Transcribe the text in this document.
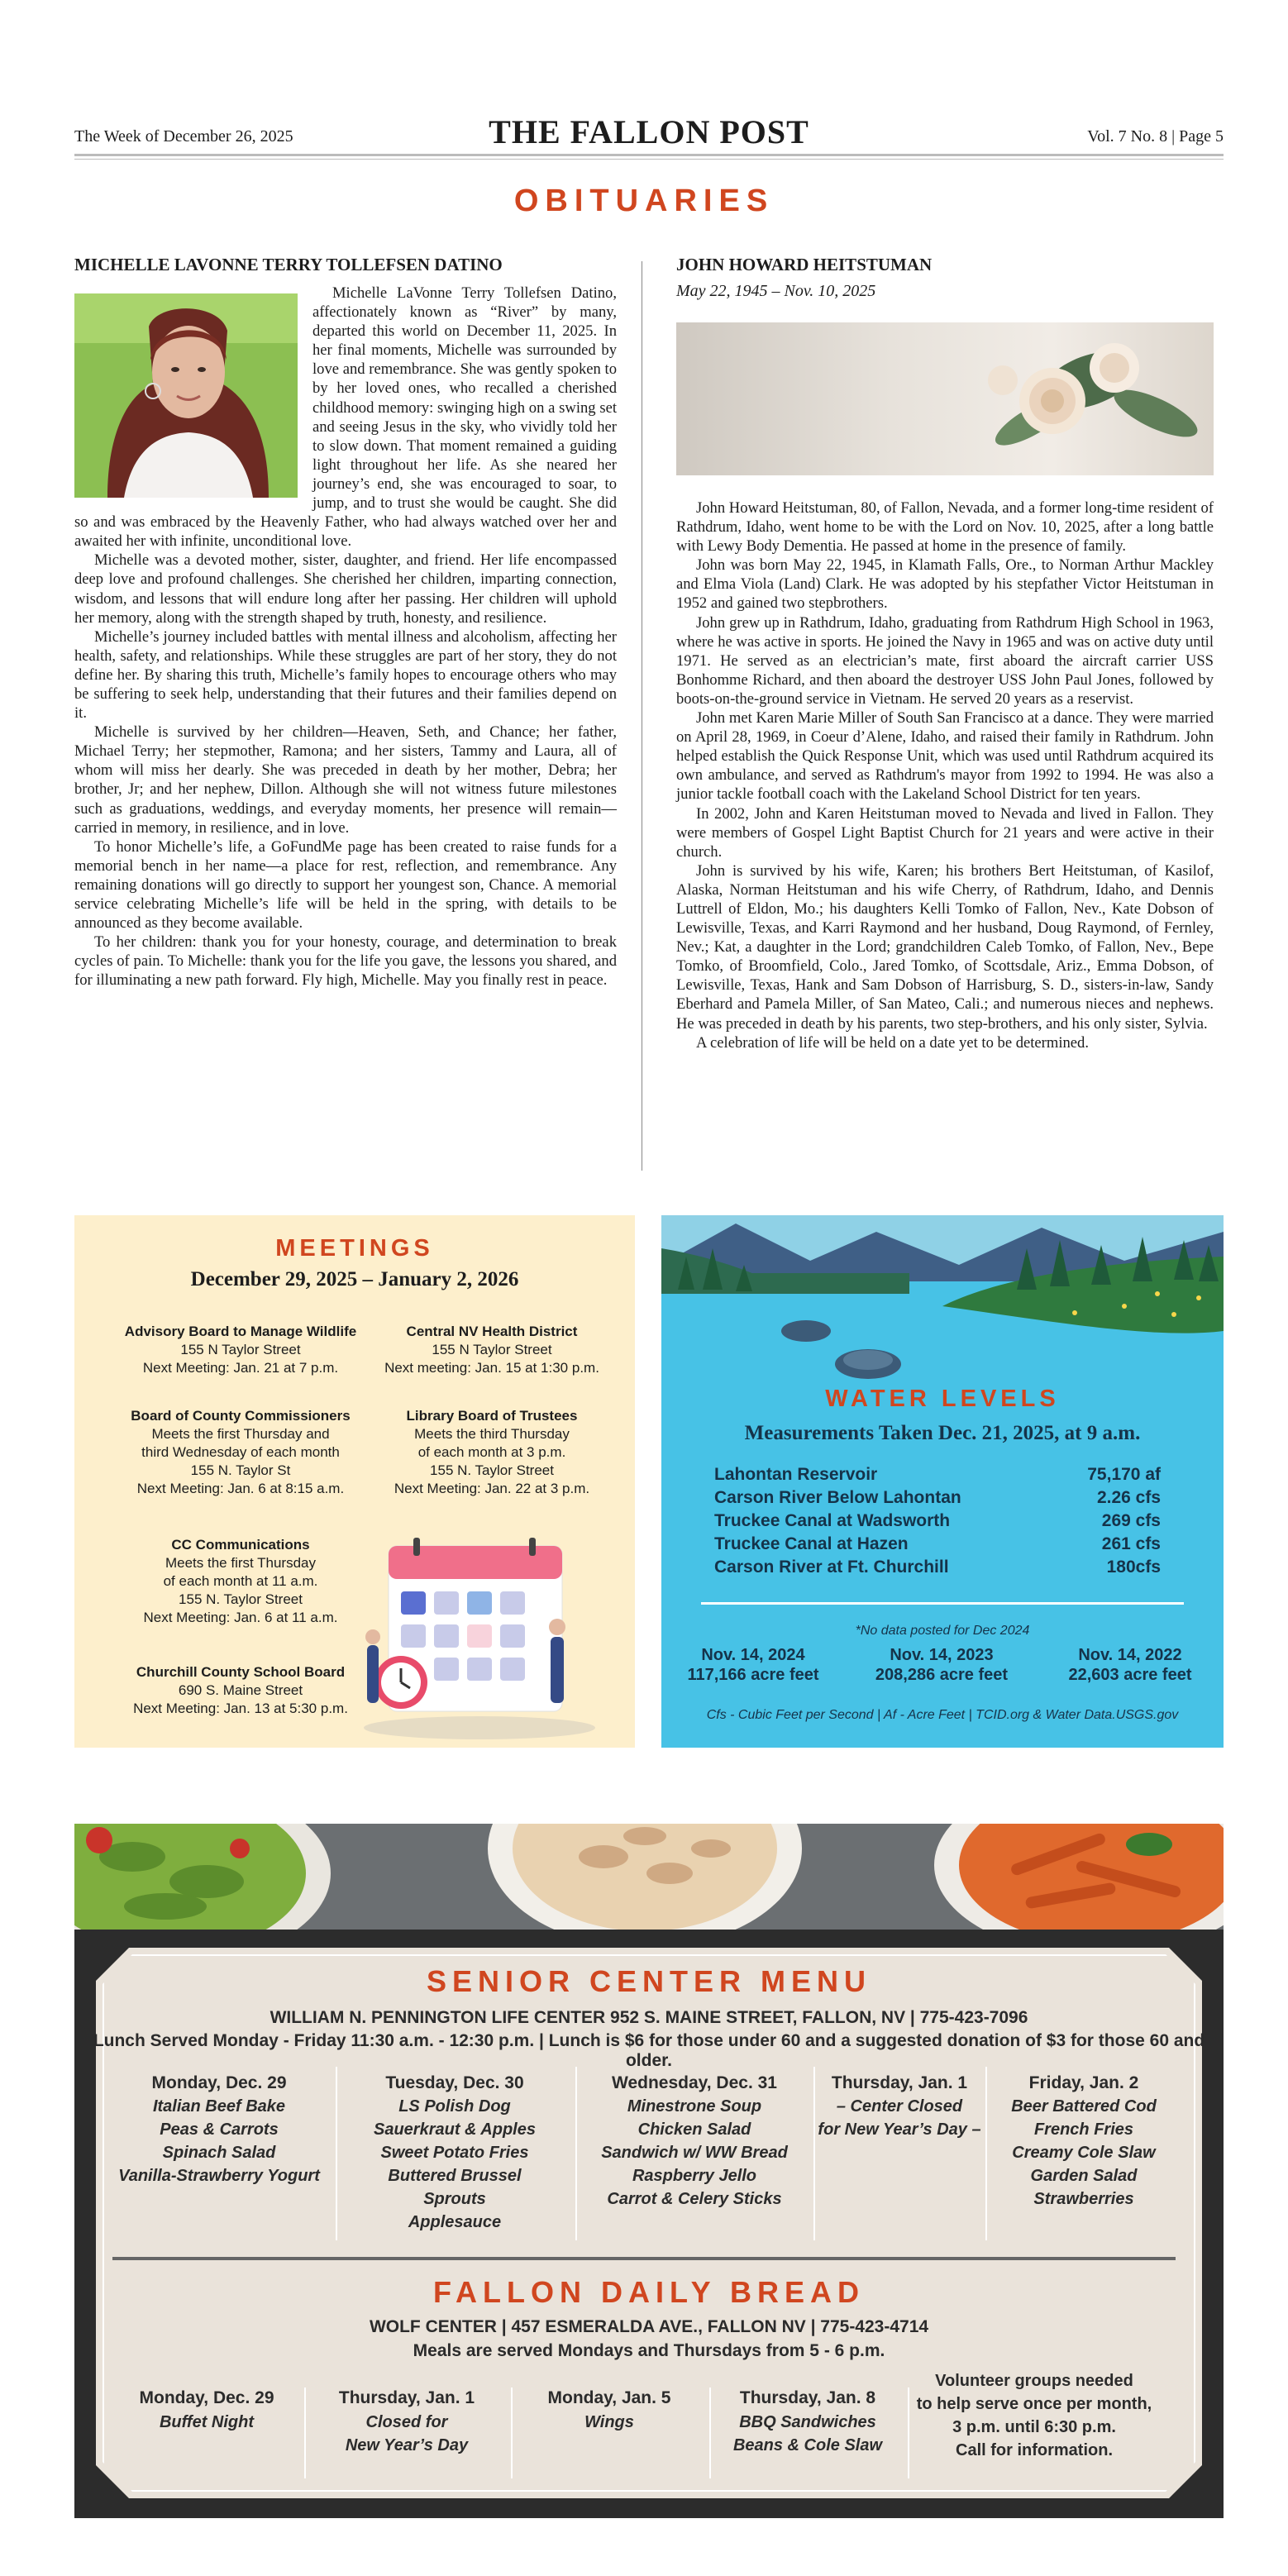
The Week of December 26, 2025	THE FALLON POST	Vol. 7 No. 8 | Page 5
OBITUARIES
MICHELLE LAVONNE TERRY TOLLEFSEN DATINO

Michelle LaVonne Terry Tollefsen Datino, affectionately known as “River” by many, departed this world on December 11, 2025. In her final moments, Michelle was surrounded by love and remembrance. She was gently spoken to by her loved ones, who recalled a cherished childhood memory: swinging high on a swing set and seeing Jesus in the sky, who vividly told her to slow down. That moment remained a guiding light throughout her life. As she neared her journey’s end, she was encouraged to soar, to jump, and to trust she would be caught. She did so and was embraced by the Heavenly Father, who had always watched over her and awaited her with infinite, unconditional love.

Michelle was a devoted mother, sister, daughter, and friend. Her life encompassed deep love and profound challenges. She cherished her children, imparting connection, wisdom, and lessons that will endure long after her passing. Her children will uphold her memory, along with the strength shaped by truth, honesty, and resilience.

Michelle’s journey included battles with mental illness and alcoholism, affecting her health, safety, and relationships. While these struggles are part of her story, they do not define her. By sharing this truth, Michelle’s family hopes to encourage others who may be suffering to seek help, understanding that their futures and their families depend on it.

Michelle is survived by her children—Heaven, Seth, and Chance; her father, Michael Terry; her stepmother, Ramona; and her sisters, Tammy and Laura, all of whom will miss her dearly. She was preceded in death by her mother, Debra; her brother, Jr; and her nephew, Dillon. Although she will not witness future milestones such as graduations, weddings, and everyday moments, her presence will remain—carried in memory, in resilience, and in love.

To honor Michelle’s life, a GoFundMe page has been created to raise funds for a memorial bench in her name—a place for rest, reflection, and remembrance. Any remaining donations will go directly to support her youngest son, Chance. A memorial service celebrating Michelle’s life will be held in the spring, with details to be announced as they become available.

To her children: thank you for your honesty, courage, and determination to break cycles of pain. To Michelle: thank you for the life you gave, the lessons you shared, and for illuminating a new path forward. Fly high, Michelle. May you finally rest in peace.

JOHN HOWARD HEITSTUMAN
May 22, 1945 – Nov. 10, 2025

John Howard Heitstuman, 80, of Fallon, Nevada, and a former long-time resident of Rathdrum, Idaho, went home to be with the Lord on Nov. 10, 2025, after a long battle with Lewy Body Dementia. He passed at home in the presence of family.

John was born May 22, 1945, in Klamath Falls, Ore., to Norman Arthur Mackley and Elma Viola (Land) Clark. He was adopted by his stepfather Victor Heitstuman in 1952 and gained two stepbrothers.

John grew up in Rathdrum, Idaho, graduating from Rathdrum High School in 1963, where he was active in sports. He joined the Navy in 1965 and was on active duty until 1971. He served as an electrician’s mate, first aboard the aircraft carrier USS Bonhomme Richard, and then aboard the destroyer USS John Paul Jones, followed by boots-on-the-ground service in Vietnam. He served 20 years as a reservist.

John met Karen Marie Miller of South San Francisco at a dance. They were married on April 28, 1969, in Coeur d’Alene, Idaho, and raised their family in Rathdrum. John helped establish the Quick Response Unit, which was used until Rathdrum acquired its own ambulance, and served as Rathdrum's mayor from 1992 to 1994. He was also a junior tackle football coach with the Lakeland School District for ten years.

In 2002, John and Karen Heitstuman moved to Nevada and lived in Fallon. They were members of Gospel Light Baptist Church for 21 years and were active in their church.

John is survived by his wife, Karen; his brothers Bert Heitstuman, of Kasilof, Alaska, Norman Heitstuman and his wife Cherry, of Rathdrum, Idaho, and Dennis Luttrell of Eldon, Mo.; his daughters Kelli Tomko of Fallon, Nev., Kate Dobson of Lewisville, Texas, and Karri Raymond and her husband, Doug Raymond, of Fernley, Nev.; Kat, a daughter in the Lord; grandchildren Caleb Tomko, of Fallon, Nev., Bepe Tomko, of Broomfield, Colo., Jared Tomko, of Scottsdale, Ariz., Emma Dobson, of Lewisville, Texas, Hank and Sam Dobson of Harrisburg, S. D., sisters-in-law, Sandy Eberhard and Pamela Miller, of San Mateo, Cali.; and numerous nieces and nephews. He was preceded in death by his parents, two step-brothers, and his only sister, Sylvia.

A celebration of life will be held on a date yet to be determined.

MEETINGS
December 29, 2025 – January 2, 2026
Advisory Board to Manage Wildlife
155 N Taylor Street
Next Meeting: Jan. 21 at 7 p.m.
Central NV Health District
155 N Taylor Street
Next meeting: Jan. 15 at 1:30 p.m.
Board of County Commissioners
Meets the first Thursday and
third Wednesday of each month
155 N. Taylor St
Next Meeting: Jan. 6 at 8:15 a.m.
Library Board of Trustees
Meets the third Thursday
of each month at 3 p.m.
155 N. Taylor Street
Next Meeting: Jan. 22 at 3 p.m.
CC Communications
Meets the first Thursday
of each month at 11 a.m.
155 N. Taylor Street
Next Meeting: Jan. 6 at 11 a.m.
Churchill County School Board
690 S. Maine Street
Next Meeting: Jan. 13 at 5:30 p.m.
WATER LEVELS
Measurements Taken Dec. 21, 2025, at 9 a.m.
Lahontan Reservoir	75,170 af
Carson River Below Lahontan	2.26 cfs
Truckee Canal at Wadsworth	269 cfs
Truckee Canal at Hazen	261 cfs
Carson River at Ft. Churchill	180cfs
*No data posted for Dec 2024
Nov. 14, 2024
117,166 acre feet
Nov. 14, 2023
208,286 acre feet
Nov. 14, 2022
22,603 acre feet
Cfs - Cubic Feet per Second | Af - Acre Feet | TCID.org & Water Data.USGS.gov
SENIOR CENTER MENU
WILLIAM N. PENNINGTON LIFE CENTER 952 S. MAINE STREET, FALLON, NV | 775-423-7096
Lunch Served Monday - Friday 11:30 a.m. - 12:30 p.m. | Lunch is $6 for those under 60 and a suggested donation of $3 for those 60 and older.
Monday, Dec. 29
Italian Beef Bake
Peas & Carrots
Spinach Salad
Vanilla-Strawberry Yogurt
Tuesday, Dec. 30
LS Polish Dog
Sauerkraut & Apples
Sweet Potato Fries
Buttered Brussel
Sprouts
Applesauce
Wednesday, Dec. 31
Minestrone Soup
Chicken Salad
Sandwich w/ WW Bread
Raspberry Jello
Carrot & Celery Sticks
Thursday, Jan. 1
– Center Closed
for New Year’s Day –
Friday, Jan. 2
Beer Battered Cod
French Fries
Creamy Cole Slaw
Garden Salad
Strawberries
FALLON DAILY BREAD
WOLF CENTER | 457 ESMERALDA AVE., FALLON NV | 775-423-4714
Meals are served Mondays and Thursdays from 5 - 6 p.m.
Monday, Dec. 29
Buffet Night
Thursday, Jan. 1
Closed for
New Year’s Day
Monday, Jan. 5
Wings
Thursday, Jan. 8
BBQ Sandwiches
Beans & Cole Slaw
Volunteer groups needed
to help serve once per month,
3 p.m. until 6:30 p.m.
Call for information.
